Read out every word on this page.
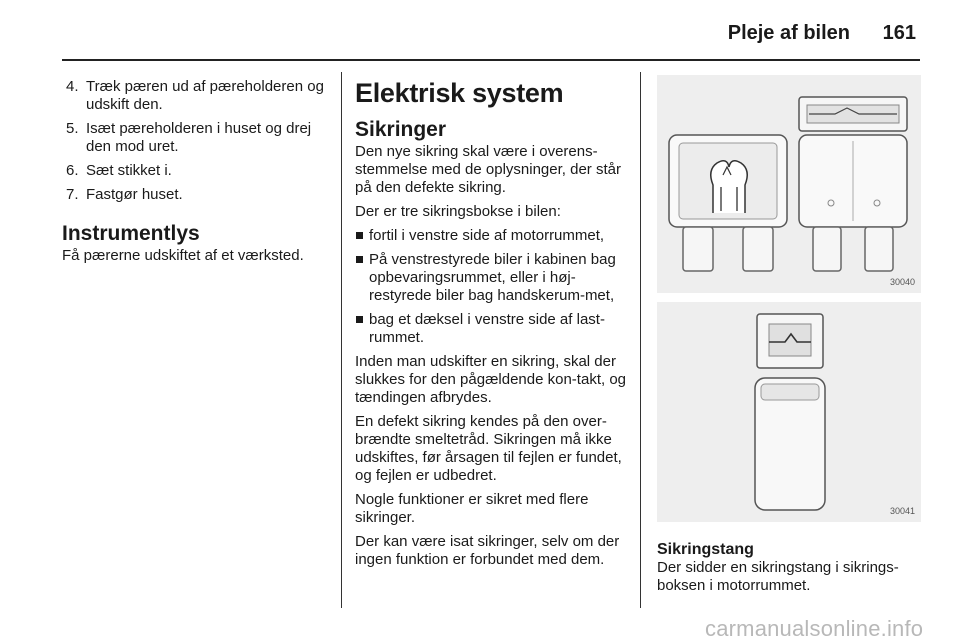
Pleje af bilen	161
4. Træk pæren ud af pæreholderen og udskift den.
5. Isæt pæreholderen i huset og drej den mod uret.
6. Sæt stikket i.
7. Fastgør huset.
Instrumentlys

Få pærerne udskiftet af et værksted.

Elektrisk system
Sikringer

Den nye sikring skal være i overens-stemmelse med de oplysninger, der står på den defekte sikring.

Der er tre sikringsbokse i bilen:

fortil i venstre side af motorrummet,
På venstrestyrede biler i kabinen bag opbevaringsrummet, eller i høj-restyrede biler bag handskerum-met,
bag et dæksel i venstre side af last-rummet.

Inden man udskifter en sikring, skal der slukkes for den pågældende kon-takt, og tændingen afbrydes.

En defekt sikring kendes på den over-brændte smeltetråd. Sikringen må ikke udskiftes, før årsagen til fejlen er fundet, og fejlen er udbedret.

Nogle funktioner er sikret med flere sikringer.

Der kan være isat sikringer, selv om der ingen funktion er forbundet med dem.

30040
30041
Sikringstang

Der sidder en sikringstang i sikrings-boksen i motorrummet.

carmanualsonline.info
